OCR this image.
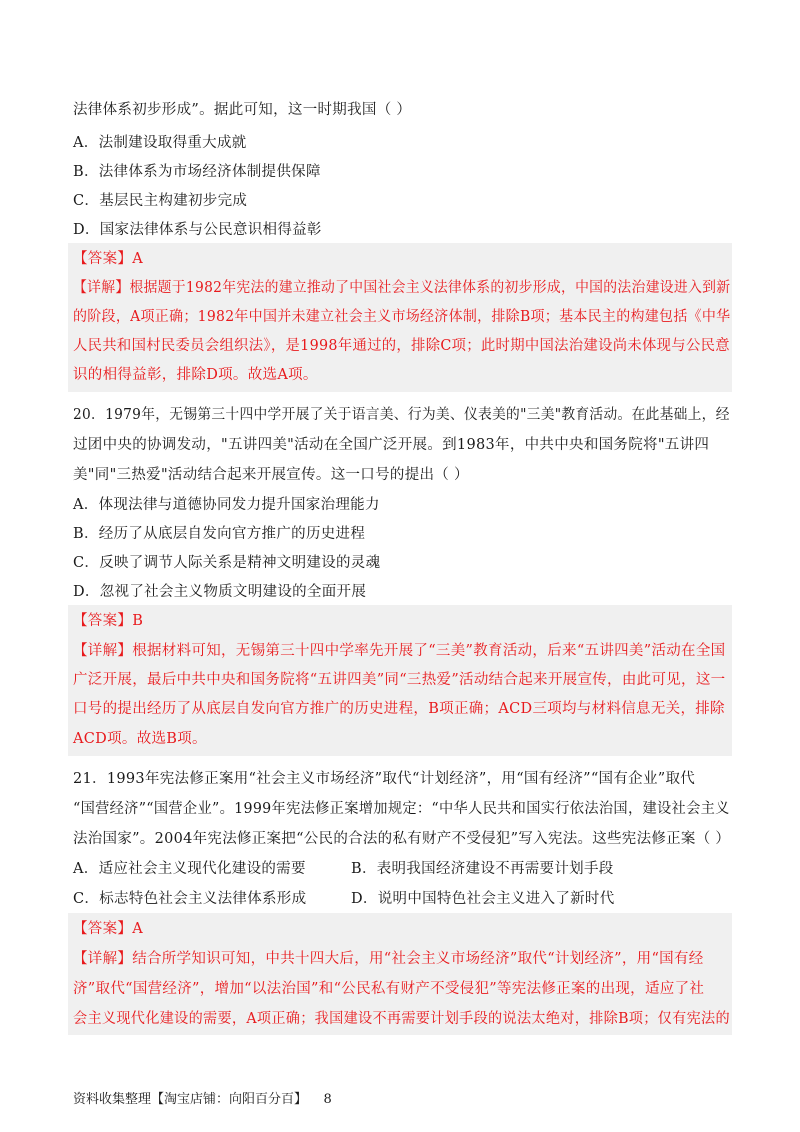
法律体系初步形成”。据此可知，这一时期我国（ ）
A．法制建设取得重大成就
B．法律体系为市场经济体制提供保障
C．基层民主构建初步完成
D．国家法律体系与公民意识相得益彰
【答案】A
【详解】根据题于1982年宪法的建立推动了中国社会主义法律体系的初步形成，中国的法治建设进入到新
的阶段，A项正确；1982年中国并未建立社会主义市场经济体制，排除B项；基本民主的构建包括《中华
人民共和国村民委员会组织法》，是1998年通过的，排除C项；此时期中国法治建设尚未体现与公民意
识的相得益彰，排除D项。故选A项。
20．1979年，无锡第三十四中学开展了关于语言美、行为美、仪表美的"三美"教育活动。在此基础上，经
过团中央的协调发动，"五讲四美"活动在全国广泛开展。到1983年，中共中央和国务院将"五讲四
美"同"三热爱"活动结合起来开展宣传。这一口号的提出（ ）
A．体现法律与道德协同发力提升国家治理能力
B．经历了从底层自发向官方推广的历史进程
C．反映了调节人际关系是精神文明建设的灵魂
D．忽视了社会主义物质文明建设的全面开展
【答案】B
【详解】根据材料可知，无锡第三十四中学率先开展了“三美”教育活动，后来“五讲四美”活动在全国
广泛开展，最后中共中央和国务院将“五讲四美”同“三热爱”活动结合起来开展宣传，由此可见，这一
口号的提出经历了从底层自发向官方推广的历史进程，B项正确；ACD三项均与材料信息无关，排除
ACD项。故选B项。
21．1993年宪法修正案用“社会主义市场经济”取代“计划经济”，用“国有经济”“国有企业”取代
“国营经济”“国营企业”。1999年宪法修正案增加规定：“中华人民共和国实行依法治国，建设社会主义
法治国家”。2004年宪法修正案把“公民的合法的私有财产不受侵犯”写入宪法。这些宪法修正案（ ）
A．适应社会主义现代化建设的需要	B．表明我国经济建设不再需要计划手段
C．标志特色社会主义法律体系形成	D．说明中国特色社会主义进入了新时代
【答案】A
【详解】结合所学知识可知，中共十四大后，用“社会主义市场经济”取代“计划经济”，用“国有经
济”取代“国营经济”，增加“以法治国”和“公民私有财产不受侵犯”等宪法修正案的出现，适应了社
会主义现代化建设的需要，A项正确；我国建设不再需要计划手段的说法太绝对，排除B项；仅有宪法的
资料收集整理【淘宝店铺：向阳百分百】 8
